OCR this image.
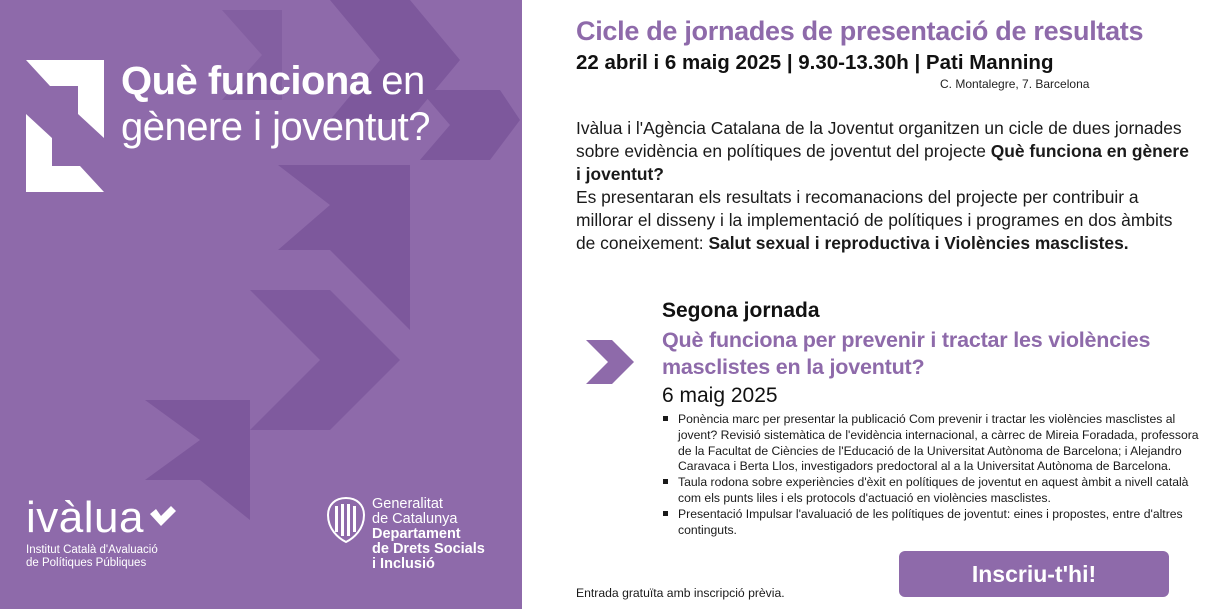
Què funciona en
gènere i joventut?
ivàlua
Institut Català d'Avaluació
de Polítiques Públiques
Generalitat
de Catalunya
Departament
de Drets Socials
i Inclusió
Cicle de jornades de presentació de resultats
22 abril i 6 maig 2025 | 9.30-13.30h | Pati Manning
C. Montalegre, 7. Barcelona
Ivàlua i l'Agència Catalana de la Joventut organitzen un cicle de dues jornades sobre evidència en polítiques de joventut del projecte Què funciona en gènere i joventut?
Es presentaran els resultats i recomanacions del projecte per contribuir a millorar el disseny i la implementació de polítiques i programes en dos àmbits de coneixement: Salut sexual i reproductiva i Violències masclistes.
Segona jornada
Què funciona per prevenir i tractar les violències masclistes en la joventut?
6 maig 2025
Ponència marc per presentar la publicació Com prevenir i tractar les violències masclistes al jovent? Revisió sistemàtica de l'evidència internacional, a càrrec de Mireia Foradada, professora de la Facultat de Ciències de l'Educació de la Universitat Autònoma de Barcelona; i Alejandro Caravaca i Berta Llos, investigadors predoctoral al a la Universitat Autònoma de Barcelona.
Taula rodona sobre experiències d'èxit en polítiques de joventut en aquest àmbit a nivell català com els punts liles i els protocols d'actuació en violències masclistes.
Presentació Impulsar l'avaluació de les polítiques de joventut: eines i propostes, entre d'altres continguts.
Entrada gratuïta amb inscripció prèvia.
Inscriu-t'hi!
